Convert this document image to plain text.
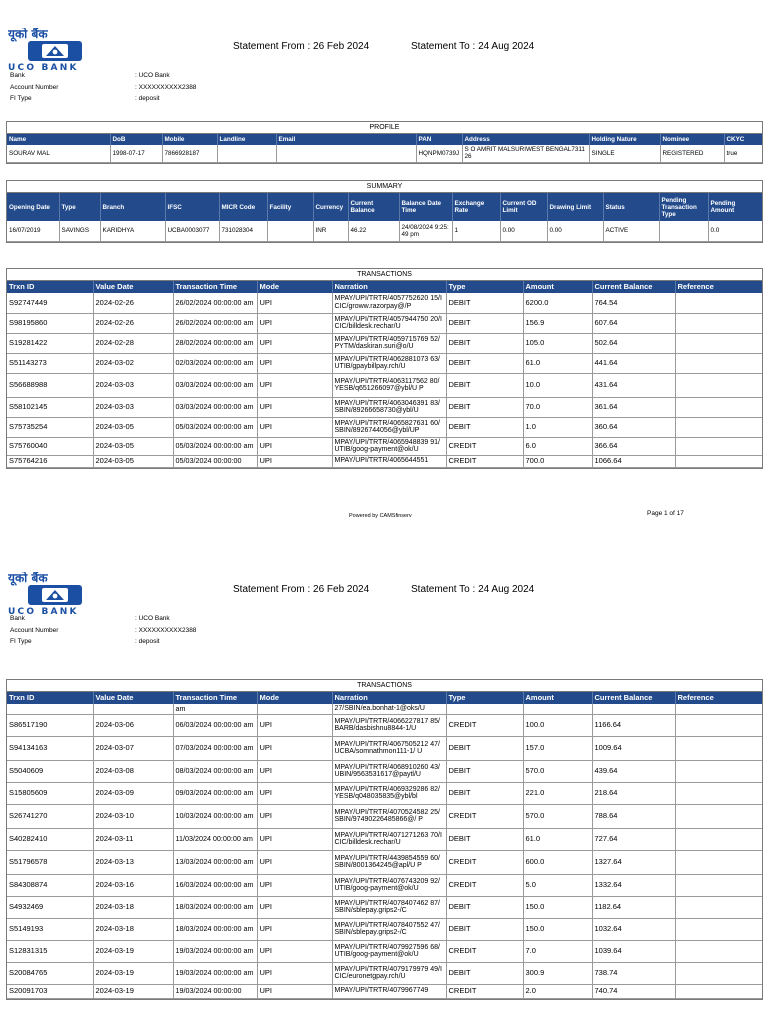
यूको बैंक
UCO BANK
Statement From : 26 Feb 2024	Statement To : 24 Aug 2024
Bank	: UCO Bank
Account Number	: XXXXXXXXXX2388
FI Type	: deposit
PROFILE
Name	DoB	Mobile	Landline	Email	PAN	Address	Holding Nature	Nominee	CKYC
SOURAV MAL	1998-07-17	7866928187			HQNPM0739J	S O AMRIT MALSURIWEST BENGAL731126	SINGLE	REGISTERED	true
SUMMARY
Opening Date	Type	Branch	IFSC	MICR Code	Facility	Currency	Current Balance	Balance Date Time	Exchange Rate	Current OD Limit	Drawing Limit	Status	Pending Transaction Type	Pending Amount
16/07/2019	SAVINGS	KARIDHYA	UCBA0003077	731028304		INR	46.22	24/08/2024 9:25:49 pm	1	0.00	0.00	ACTIVE		0.0
TRANSACTIONS
Trxn ID	Value Date	Transaction Time	Mode	Narration	Type	Amount	Current Balance	Reference
S92747449	2024-02-26	26/02/2024 00:00:00 am	UPI	MPAY/UPI/TRTR/4057752620 15/ICIC/groww.razorpay@/P	DEBIT	6200.0	764.54	
S98195860	2024-02-26	26/02/2024 00:00:00 am	UPI	MPAY/UPI/TRTR/4057944750 20/ICIC/billdesk.rechar/U	DEBIT	156.9	607.64	
S19281422	2024-02-28	28/02/2024 00:00:00 am	UPI	MPAY/UPI/TRTR/4059715769 52/PYTM/daskiran.suri@o/U	DEBIT	105.0	502.64	
S51143273	2024-03-02	02/03/2024 00:00:00 am	UPI	MPAY/UPI/TRTR/4062881073 63/UTIB/gpaybillpay.rch/U	DEBIT	61.0	441.64	
S56688988	2024-03-03	03/03/2024 00:00:00 am	UPI	MPAY/UPI/TRTR/4063117562 80/YESB/q651266097@ybl/U P	DEBIT	10.0	431.64	
S58102145	2024-03-03	03/03/2024 00:00:00 am	UPI	MPAY/UPI/TRTR/4063046391 83/SBIN/89266658730@ybl/U	DEBIT	70.0	361.64	
S75735254	2024-03-05	05/03/2024 00:00:00 am	UPI	MPAY/UPI/TRTR/4065827631 60/SBIN/8926744056@ybl/UP	DEBIT	1.0	360.64	
S75760040	2024-03-05	05/03/2024 00:00:00 am	UPI	MPAY/UPI/TRTR/4065948839 91/UTIB/goog-payment@ok/U	CREDIT	6.0	366.64	
S75764216	2024-03-05	05/03/2024 00:00:00	UPI	MPAY/UPI/TRTR/4065644551	CREDIT	700.0	1066.64	
Powered by CAMSfinserv	Page 1 of 17
यूको बैंक
UCO BANK
Statement From : 26 Feb 2024	Statement To : 24 Aug 2024
Bank	: UCO Bank
Account Number	: XXXXXXXXXX2388
FI Type	: deposit
TRANSACTIONS
Trxn ID	Value Date	Transaction Time	Mode	Narration	Type	Amount	Current Balance	Reference
		am		27/SBIN/ea.bonhat-1@oks/U				
S86517190	2024-03-06	06/03/2024 00:00:00 am	UPI	MPAY/UPI/TRTR/4066227817 85/BARB/dasbishnu8844-1/U	CREDIT	100.0	1166.64	
S94134163	2024-03-07	07/03/2024 00:00:00 am	UPI	MPAY/UPI/TRTR/4067505212 47/UCBA/somnathmon111-1/ U	DEBIT	157.0	1009.64	
S5040609	2024-03-08	08/03/2024 00:00:00 am	UPI	MPAY/UPI/TRTR/4068910260 43/UBIN/9563531617@paytl/U	DEBIT	570.0	439.64	
S15805609	2024-03-09	09/03/2024 00:00:00 am	UPI	MPAY/UPI/TRTR/4069329286 82/YESB/q048035835@ybl/bl	DEBIT	221.0	218.64	
S26741270	2024-03-10	10/03/2024 00:00:00 am	UPI	MPAY/UPI/TRTR/4070524582 25/SBIN/97490226485866@/ P	CREDIT	570.0	788.64	
S40282410	2024-03-11	11/03/2024 00:00:00 am	UPI	MPAY/UPI/TRTR/4071271263 70/ICIC/billdesk.rechar/U	DEBIT	61.0	727.64	
S51796578	2024-03-13	13/03/2024 00:00:00 am	UPI	MPAY/UPI/TRTR/4439854559 60/SBIN/8001364245@apl/U P	CREDIT	600.0	1327.64	
S84308874	2024-03-16	16/03/2024 00:00:00 am	UPI	MPAY/UPI/TRTR/4076743209 92/UTIB/goog-payment@ok/U	CREDIT	5.0	1332.64	
S4932469	2024-03-18	18/03/2024 00:00:00 am	UPI	MPAY/UPI/TRTR/4078407462 87/SBIN/sblepay.grips2-/C	DEBIT	150.0	1182.64	
S5149193	2024-03-18	18/03/2024 00:00:00 am	UPI	MPAY/UPI/TRTR/4078407552 47/SBIN/sblepay.grips2-/C	DEBIT	150.0	1032.64	
S12831315	2024-03-19	19/03/2024 00:00:00 am	UPI	MPAY/UPI/TRTR/4079927596 68/UTIB/goog-payment@ok/U	CREDIT	7.0	1039.64	
S20084765	2024-03-19	19/03/2024 00:00:00 am	UPI	MPAY/UPI/TRTR/4079179979 49/ICIC/euronetgpay.rch/U	DEBIT	300.9	738.74	
S20091703	2024-03-19	19/03/2024 00:00:00	UPI	MPAY/UPI/TRTR/4079967749	CREDIT	2.0	740.74	
